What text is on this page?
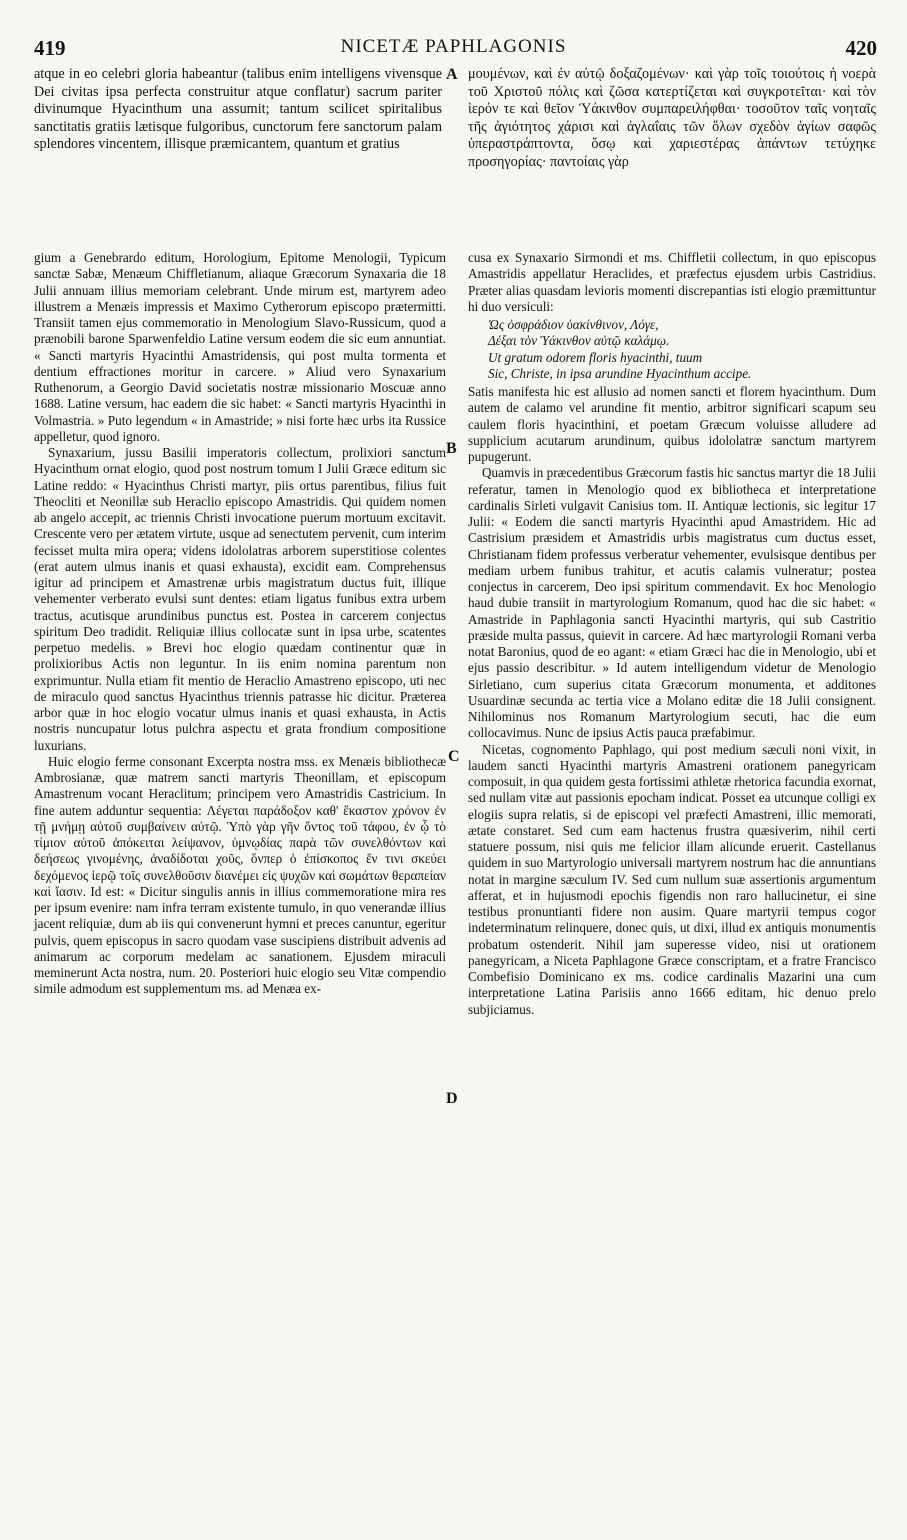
419	NICETÆ PAPHLAGONIS	420

atque in eo celebri gloria habeantur (talibus enim intelligens vivensque Dei civitas ipsa perfecta construitur atque conflatur) sacrum pariter divinumque Hyacinthum una assumit; tantum scilicet spiritalibus sanctitatis gratiis lætisque fulgoribus, cunctorum fere sanctorum palam splendores vincentem, illisque præmicantem, quantum et gratius

μουμένων, καὶ ἐν αὐτῷ δοξαζομένων· καὶ γὰρ τοῖς τοιούτοις ἡ νοερὰ τοῦ Χριστοῦ πόλις καὶ ζῶσα κατερτίζεται καὶ συγκροτεῖται· καὶ τὸν ἱερόν τε καὶ θεῖον Ὑάκινθον συμπαρειλήφθαι· τοσοῦτον ταῖς νοηταῖς τῆς ἁγιότητος χάρισι καὶ ἀγλαΐαις τῶν ὅλων σχεδὸν ἁγίων σαφῶς ὑπεραστράπτοντα, ὅσῳ καὶ χαριεστέρας ἁπάντων τετύχηκε προσηγορίας· παντοίαις γὰρ

A
B
C
D

gium a Genebrardo editum, Horologium, Epitome Menologii, Typicum sanctæ Sabæ, Menæum Chiffletianum, aliaque Græcorum Synaxaria die 18 Julii annuam illius memoriam celebrant. Unde mirum est, martyrem adeo illustrem a Menæis impressis et Maximo Cytherorum episcopo prætermitti. Transiit tamen ejus commemoratio in Menologium Slavo-Russicum, quod a prænobili barone Sparwenfeldio Latine versum eodem die sic eum annuntiat. « Sancti martyris Hyacinthi Amastridensis, qui post multa tormenta et dentium effractiones moritur in carcere. » Aliud vero Synaxarium Ruthenorum, a Georgio David societatis nostræ missionario Moscuæ anno 1688. Latine versum, hac eadem die sic habet: « Sancti martyris Hyacinthi in Volmastria. » Puto legendum « in Amastride; » nisi forte hæc urbs ita Russice appelletur, quod ignoro.

Synaxarium, jussu Basilii imperatoris collectum, prolixiori sanctum Hyacinthum ornat elogio, quod post nostrum tomum I Julii Græce editum sic Latine reddo: « Hyacinthus Christi martyr, piis ortus parentibus, filius fuit Theocliti et Neonillæ sub Heraclio episcopo Amastridis. Qui quidem nomen ab angelo accepit, ac triennis Christi invocatione puerum mortuum excitavit. Crescente vero per ætatem virtute, usque ad senectutem pervenit, cum interim fecisset multa mira opera; videns idololatras arborem superstitiose colentes (erat autem ulmus inanis et quasi exhausta), excidit eam. Comprehensus igitur ad principem et Amastrenæ urbis magistratum ductus fuit, illique vehementer verberato evulsi sunt dentes: etiam ligatus funibus extra urbem tractus, acutisque arundinibus punctus est. Postea in carcerem conjectus spiritum Deo tradidit. Reliquiæ illius collocatæ sunt in ipsa urbe, scatentes perpetuo medelis. » Brevi hoc elogio quædam continentur quæ in prolixioribus Actis non leguntur. In iis enim nomina parentum non exprimuntur. Nulla etiam fit mentio de Heraclio Amastreno episcopo, uti nec de miraculo quod sanctus Hyacinthus triennis patrasse hic dicitur. Præterea arbor quæ in hoc elogio vocatur ulmus inanis et quasi exhausta, in Actis nostris nuncupatur lotus pulchra aspectu et grata frondium compositione luxurians.

Huic elogio ferme consonant Excerpta nostra mss. ex Menæis bibliothecæ Ambrosianæ, quæ matrem sancti martyris Theonillam, et episcopum Amastrenum vocant Heraclitum; principem vero Amastridis Castricium. In fine autem adduntur sequentia: Λέγεται παράδοξον καθ' ἕκαστον χρόνον ἐν τῇ μνήμῃ αὐτοῦ συμβαίνειν αὐτῷ. Ὑπὸ γὰρ γῆν ὄντος τοῦ τάφου, ἐν ᾧ τὸ τίμιον αὐτοῦ ἀπόκειται λείψανον, ὑμνῳδίας παρὰ τῶν συνελθόντων καὶ δεήσεως γινομένης, ἀναδίδοται χοῦς, ὅνπερ ὁ ἐπίσκοπος ἔν τινι σκεύει δεχόμενος ἱερῷ τοῖς συνελθοῦσιν διανέμει εἰς ψυχῶν καὶ σωμάτων θεραπείαν καὶ ἴασιν. Id est: « Dicitur singulis annis in illius commemoratione mira res per ipsum evenire: nam infra terram existente tumulo, in quo venerandæ illius jacent reliquiæ, dum ab iis qui convenerunt hymni et preces canuntur, egeritur pulvis, quem episcopus in sacro quodam vase suscipiens distribuit advenis ad animarum ac corporum medelam ac sanationem. Ejusdem miraculi meminerunt Acta nostra, num. 20. Posteriori huic elogio seu Vitæ compendio simile admodum est supplementum ms. ad Menæa ex-

cusa ex Synaxario Sirmondi et ms. Chiffletii collectum, in quo episcopus Amastridis appellatur Heraclides, et præfectus ejusdem urbis Castridius. Præter alias quasdam levioris momenti discrepantias isti elogio præmittuntur hi duo versiculi:

Ὡς ὀσφράδιον ὑακίνθινον, Λόγε,
Δέξαι τὸν Ὑάκινθον αὐτῷ καλάμῳ.
Ut gratum odorem floris hyacinthi, tuum
Sic, Christe, in ipsa arundine Hyacinthum accipe.

Satis manifesta hic est allusio ad nomen sancti et florem hyacinthum. Dum autem de calamo vel arundine fit mentio, arbitror significari scapum seu caulem floris hyacinthini, et poetam Græcum voluisse alludere ad supplicium acutarum arundinum, quibus idololatræ sanctum martyrem pupugerunt.

Quamvis in præcedentibus Græcorum fastis hic sanctus martyr die 18 Julii referatur, tamen in Menologio quod ex bibliotheca et interpretatione cardinalis Sirleti vulgavit Canisius tom. II. Antiquæ lectionis, sic legitur 17 Julii: « Eodem die sancti martyris Hyacinthi apud Amastridem. Hic ad Castrisium præsidem et Amastridis urbis magistratus cum ductus esset, Christianam fidem professus verberatur vehementer, evulsisque dentibus per mediam urbem funibus trahitur, et acutis calamis vulneratur; postea conjectus in carcerem, Deo ipsi spiritum commendavit. Ex hoc Menologio haud dubie transiit in martyrologium Romanum, quod hac die sic habet: « Amastride in Paphlagonia sancti Hyacinthi martyris, qui sub Castritio præside multa passus, quievit in carcere. Ad hæc martyrologii Romani verba notat Baronius, quod de eo agant: « etiam Græci hac die in Menologio, ubi et ejus passio describitur. » Id autem intelligendum videtur de Menologio Sirletiano, cum superius citata Græcorum monumenta, et additones Usuardinæ secunda ac tertia vice a Molano editæ die 18 Julii consignent. Nihilominus nos Romanum Martyrologium secuti, hac die eum collocavimus. Nunc de ipsius Actis pauca præfabimur.

Nicetas, cognomento Paphlago, qui post medium sæculi noni vixit, in laudem sancti Hyacinthi martyris Amastreni orationem panegyricam composuit, in qua quidem gesta fortissimi athletæ rhetorica facundia exornat, sed nullam vitæ aut passionis epocham indicat. Posset ea utcunque colligi ex elogiis supra relatis, si de episcopi vel præfecti Amastreni, illic memorati, ætate constaret. Sed cum eam hactenus frustra quæsiverim, nihil certi statuere possum, nisi quis me felicior illam alicunde eruerit. Castellanus quidem in suo Martyrologio universali martyrem nostrum hac die annuntians notat in margine sæculum IV. Sed cum nullum suæ assertionis argumentum afferat, et in hujusmodi epochis figendis non raro hallucinetur, ei sine testibus pronuntianti fidere non ausim. Quare martyrii tempus cogor indeterminatum relinquere, donec quis, ut dixi, illud ex antiquis monumentis probatum ostenderit. Nihil jam superesse video, nisi ut orationem panegyricam, a Niceta Paphlagone Græce conscriptam, et a fratre Francisco Combefisio Dominicano ex ms. codice cardinalis Mazarini una cum interpretatione Latina Parisiis anno 1666 editam, hic denuo prelo subjiciamus.
